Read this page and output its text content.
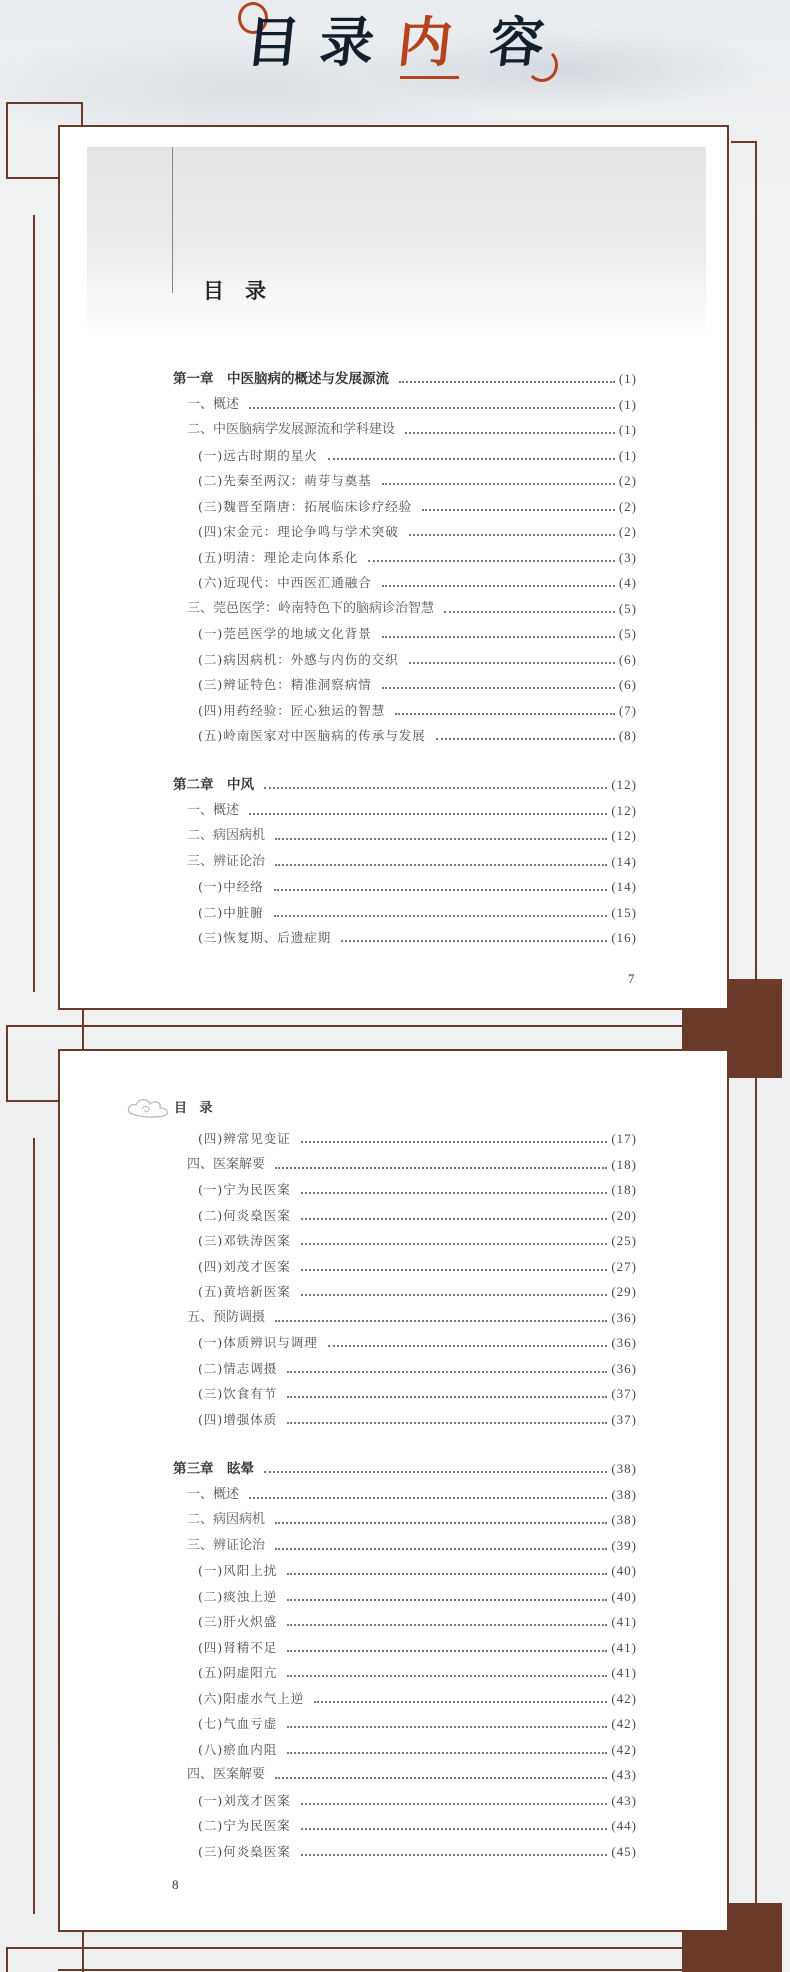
目 录 内 容
目　录
7
目 录
8
第一章　中医脑病的概述与发展源流	(1)
一、概述	(1)
二、中医脑病学发展源流和学科建设	(1)
(一)远古时期的星火	(1)
(二)先秦至两汉：萌芽与奠基	(2)
(三)魏晋至隋唐：拓展临床诊疗经验	(2)
(四)宋金元：理论争鸣与学术突破	(2)
(五)明清：理论走向体系化	(3)
(六)近现代：中西医汇通融合	(4)
三、莞邑医学：岭南特色下的脑病诊治智慧	(5)
(一)莞邑医学的地域文化背景	(5)
(二)病因病机：外感与内伤的交织	(6)
(三)辨证特色：精准洞察病情	(6)
(四)用药经验：匠心独运的智慧	(7)
(五)岭南医家对中医脑病的传承与发展	(8)
第二章　中风	(12)
一、概述	(12)
二、病因病机	(12)
三、辨证论治	(14)
(一)中经络	(14)
(二)中脏腑	(15)
(三)恢复期、后遗症期	(16)
(四)辨常见变证	(17)
四、医案解要	(18)
(一)宁为民医案	(18)
(二)何炎燊医案	(20)
(三)邓铁涛医案	(25)
(四)刘茂才医案	(27)
(五)黄培新医案	(29)
五、预防调摄	(36)
(一)体质辨识与调理	(36)
(二)情志调摄	(36)
(三)饮食有节	(37)
(四)增强体质	(37)
第三章　眩晕	(38)
一、概述	(38)
二、病因病机	(38)
三、辨证论治	(39)
(一)风阳上扰	(40)
(二)痰浊上逆	(40)
(三)肝火炽盛	(41)
(四)肾精不足	(41)
(五)阴虚阳亢	(41)
(六)阳虚水气上逆	(42)
(七)气血亏虚	(42)
(八)瘀血内阻	(42)
四、医案解要	(43)
(一)刘茂才医案	(43)
(二)宁为民医案	(44)
(三)何炎燊医案	(45)
